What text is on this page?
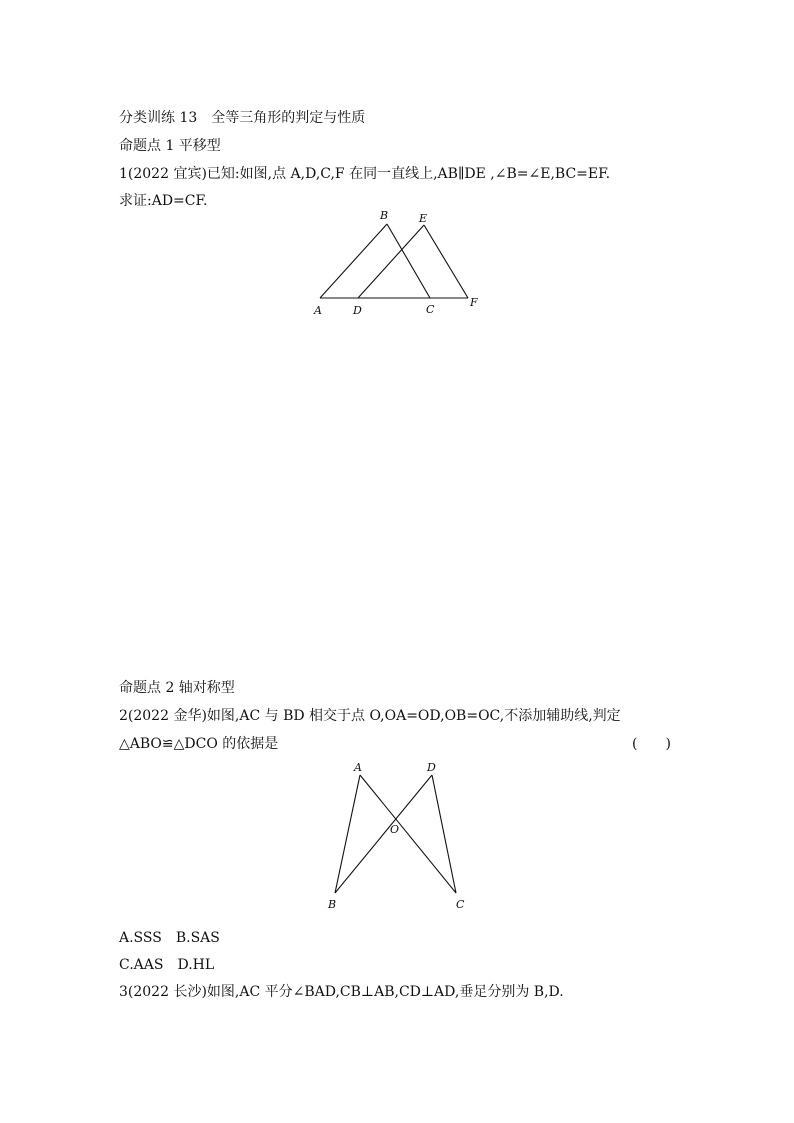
分类训练 13　全等三角形的判定与性质
命题点 1 平移型
1(2022 宜宾)已知:如图,点 A,D,C,F 在同一直线上,AB∥DE ,∠B=∠E,BC=EF.
求证:AD=CF.
B	E
A	D	C
F
A	D
O
B	C
命题点 2 轴对称型
2(2022 金华)如图,AC 与 BD 相交于点 O,OA=OD,OB=OC,不添加辅助线,判定
△ABO≌△DCO 的依据是	(　　)
A.SSS　B.SAS
C.AAS　D.HL
3(2022 长沙)如图,AC 平分∠BAD,CB⊥AB,CD⊥AD,垂足分别为 B,D.
